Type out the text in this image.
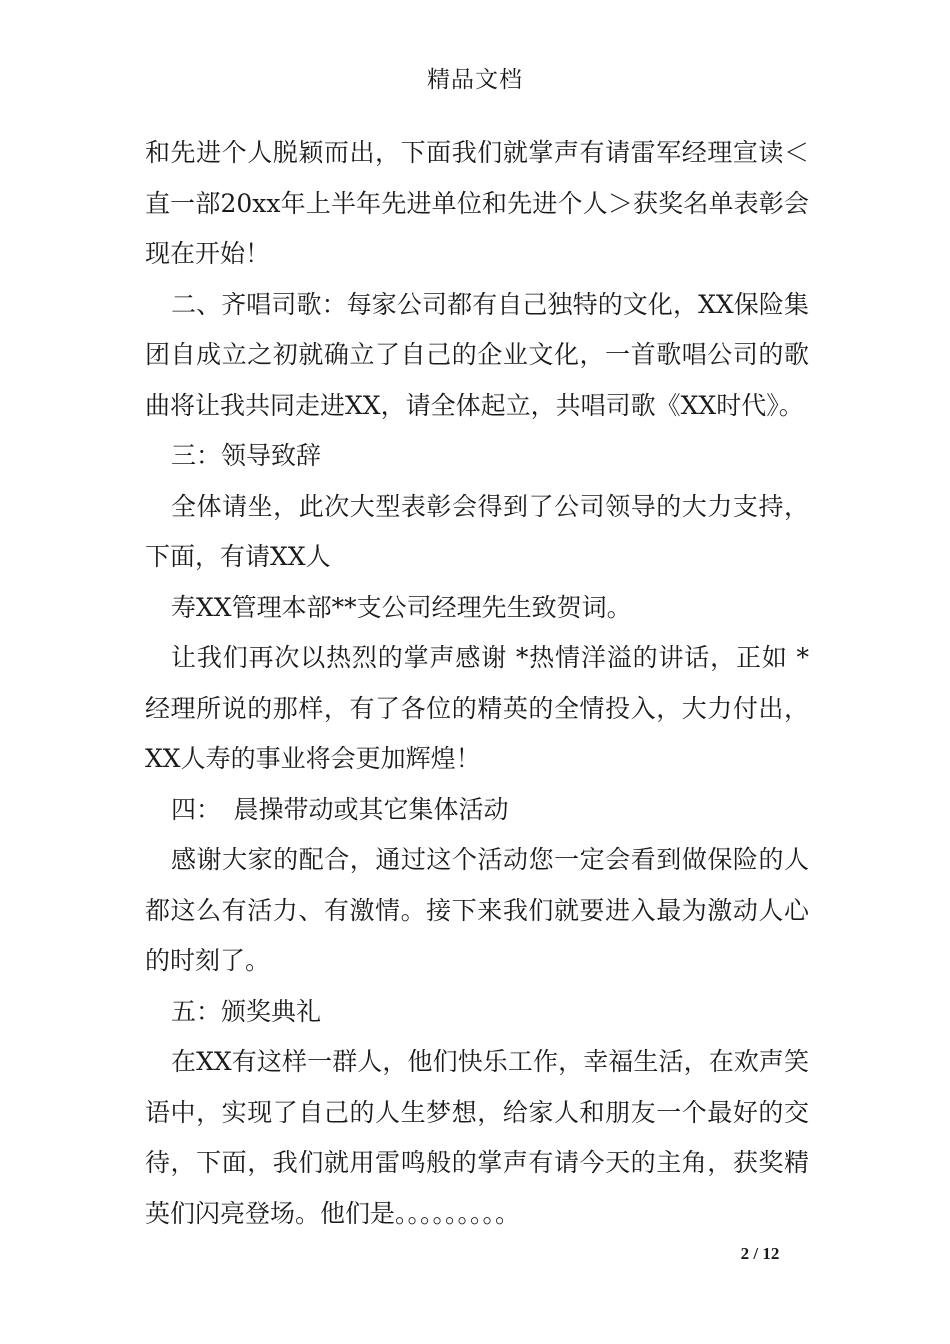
精品文档

和先进个人脱颖而出，下面我们就掌声有请雷军经理宣读＜直一部20xx年上半年先进单位和先进个人＞获奖名单表彰会现在开始！

二、齐唱司歌：每家公司都有自己独特的文化，XX保险集团自成立之初就确立了自己的企业文化，一首歌唱公司的歌曲将让我共同走进XX，请全体起立，共唱司歌《XX时代》。

三：领导致辞

全体请坐，此次大型表彰会得到了公司领导的大力支持，下面，有请XX人

寿XX管理本部**支公司经理先生致贺词。

让我们再次以热烈的掌声感谢 *热情洋溢的讲话，正如 *经理所说的那样，有了各位的精英的全情投入，大力付出，XX人寿的事业将会更加辉煌！

四：　晨操带动或其它集体活动

感谢大家的配合，通过这个活动您一定会看到做保险的人都这么有活力、有激情。接下来我们就要进入最为激动人心的时刻了。

五：颁奖典礼

在XX有这样一群人，他们快乐工作，幸福生活，在欢声笑语中，实现了自己的人生梦想，给家人和朋友一个最好的交待，下面，我们就用雷鸣般的掌声有请今天的主角，获奖精英们闪亮登场。他们是。。。。。。。。。

2 / 12
